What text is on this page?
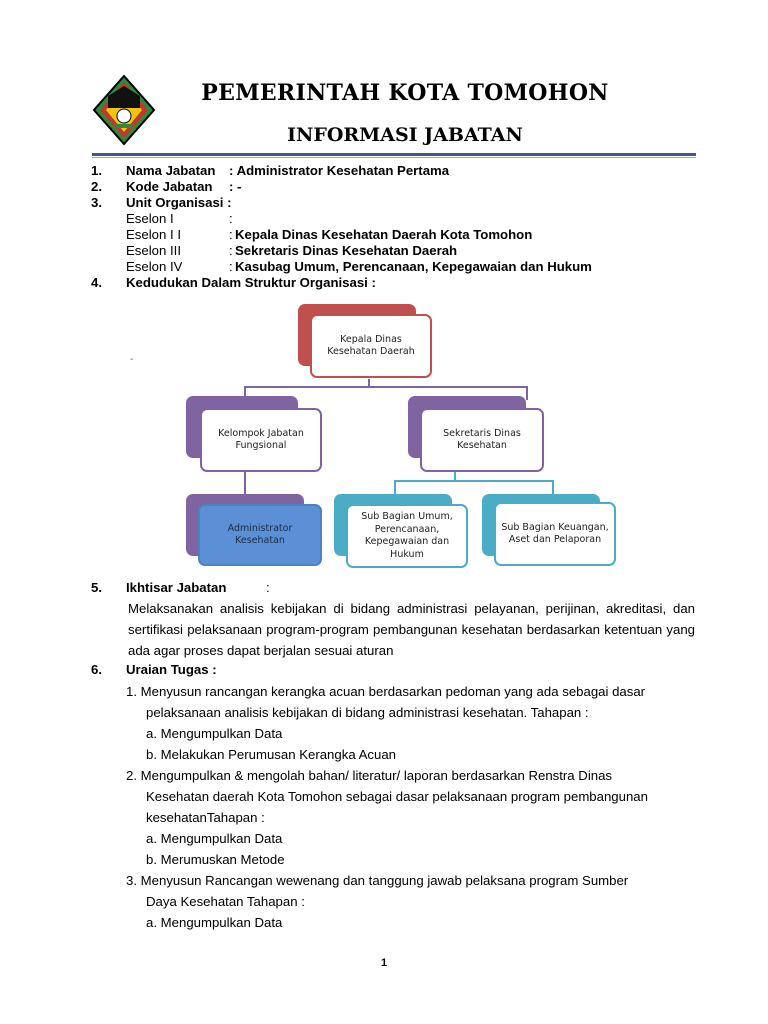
PEMERINTAH KOTA TOMOHON
INFORMASI JABATAN
1. Nama Jabatan : Administrator Kesehatan Pertama
2. Kode Jabatan : -
3. Unit Organisasi :
Eselon I	:
Eselon I I	: Kepala Dinas Kesehatan Daerah Kota Tomohon
Eselon III	: Sekretaris Dinas Kesehatan Daerah
Eselon IV	: Kasubag Umum, Perencanaan, Kepegawaian dan Hukum
4. Kedudukan Dalam Struktur Organisasi :
-
Kepala Dinas Kesehatan Daerah
Kelompok Jabatan Fungsional
Sekretaris Dinas Kesehatan
Administrator Kesehatan
Sub Bagian Umum, Perencanaan, Kepegawaian dan Hukum
Sub Bagian Keuangan, Aset dan Pelaporan
5. Ikhtisar Jabatan	:

Melaksanakan analisis kebijakan di bidang administrasi pelayanan, perijinan, akreditasi, dan sertifikasi pelaksanaan program-program pembangunan kesehatan berdasarkan ketentuan yang ada agar proses dapat berjalan sesuai aturan

6. Uraian Tugas :

1. Menyusun rancangan kerangka acuan berdasarkan pedoman yang ada sebagai dasar

pelaksanaan analisis kebijakan di bidang administrasi kesehatan. Tahapan :

a. Mengumpulkan Data

b. Melakukan Perumusan Kerangka Acuan

2. Mengumpulkan & mengolah bahan/ literatur/ laporan berdasarkan Renstra Dinas

Kesehatan daerah Kota Tomohon sebagai dasar pelaksanaan program pembangunan

kesehatanTahapan :

a. Mengumpulkan Data

b. Merumuskan Metode

3. Menyusun Rancangan wewenang dan tanggung jawab pelaksana program Sumber

Daya Kesehatan Tahapan :

a. Mengumpulkan Data

1
